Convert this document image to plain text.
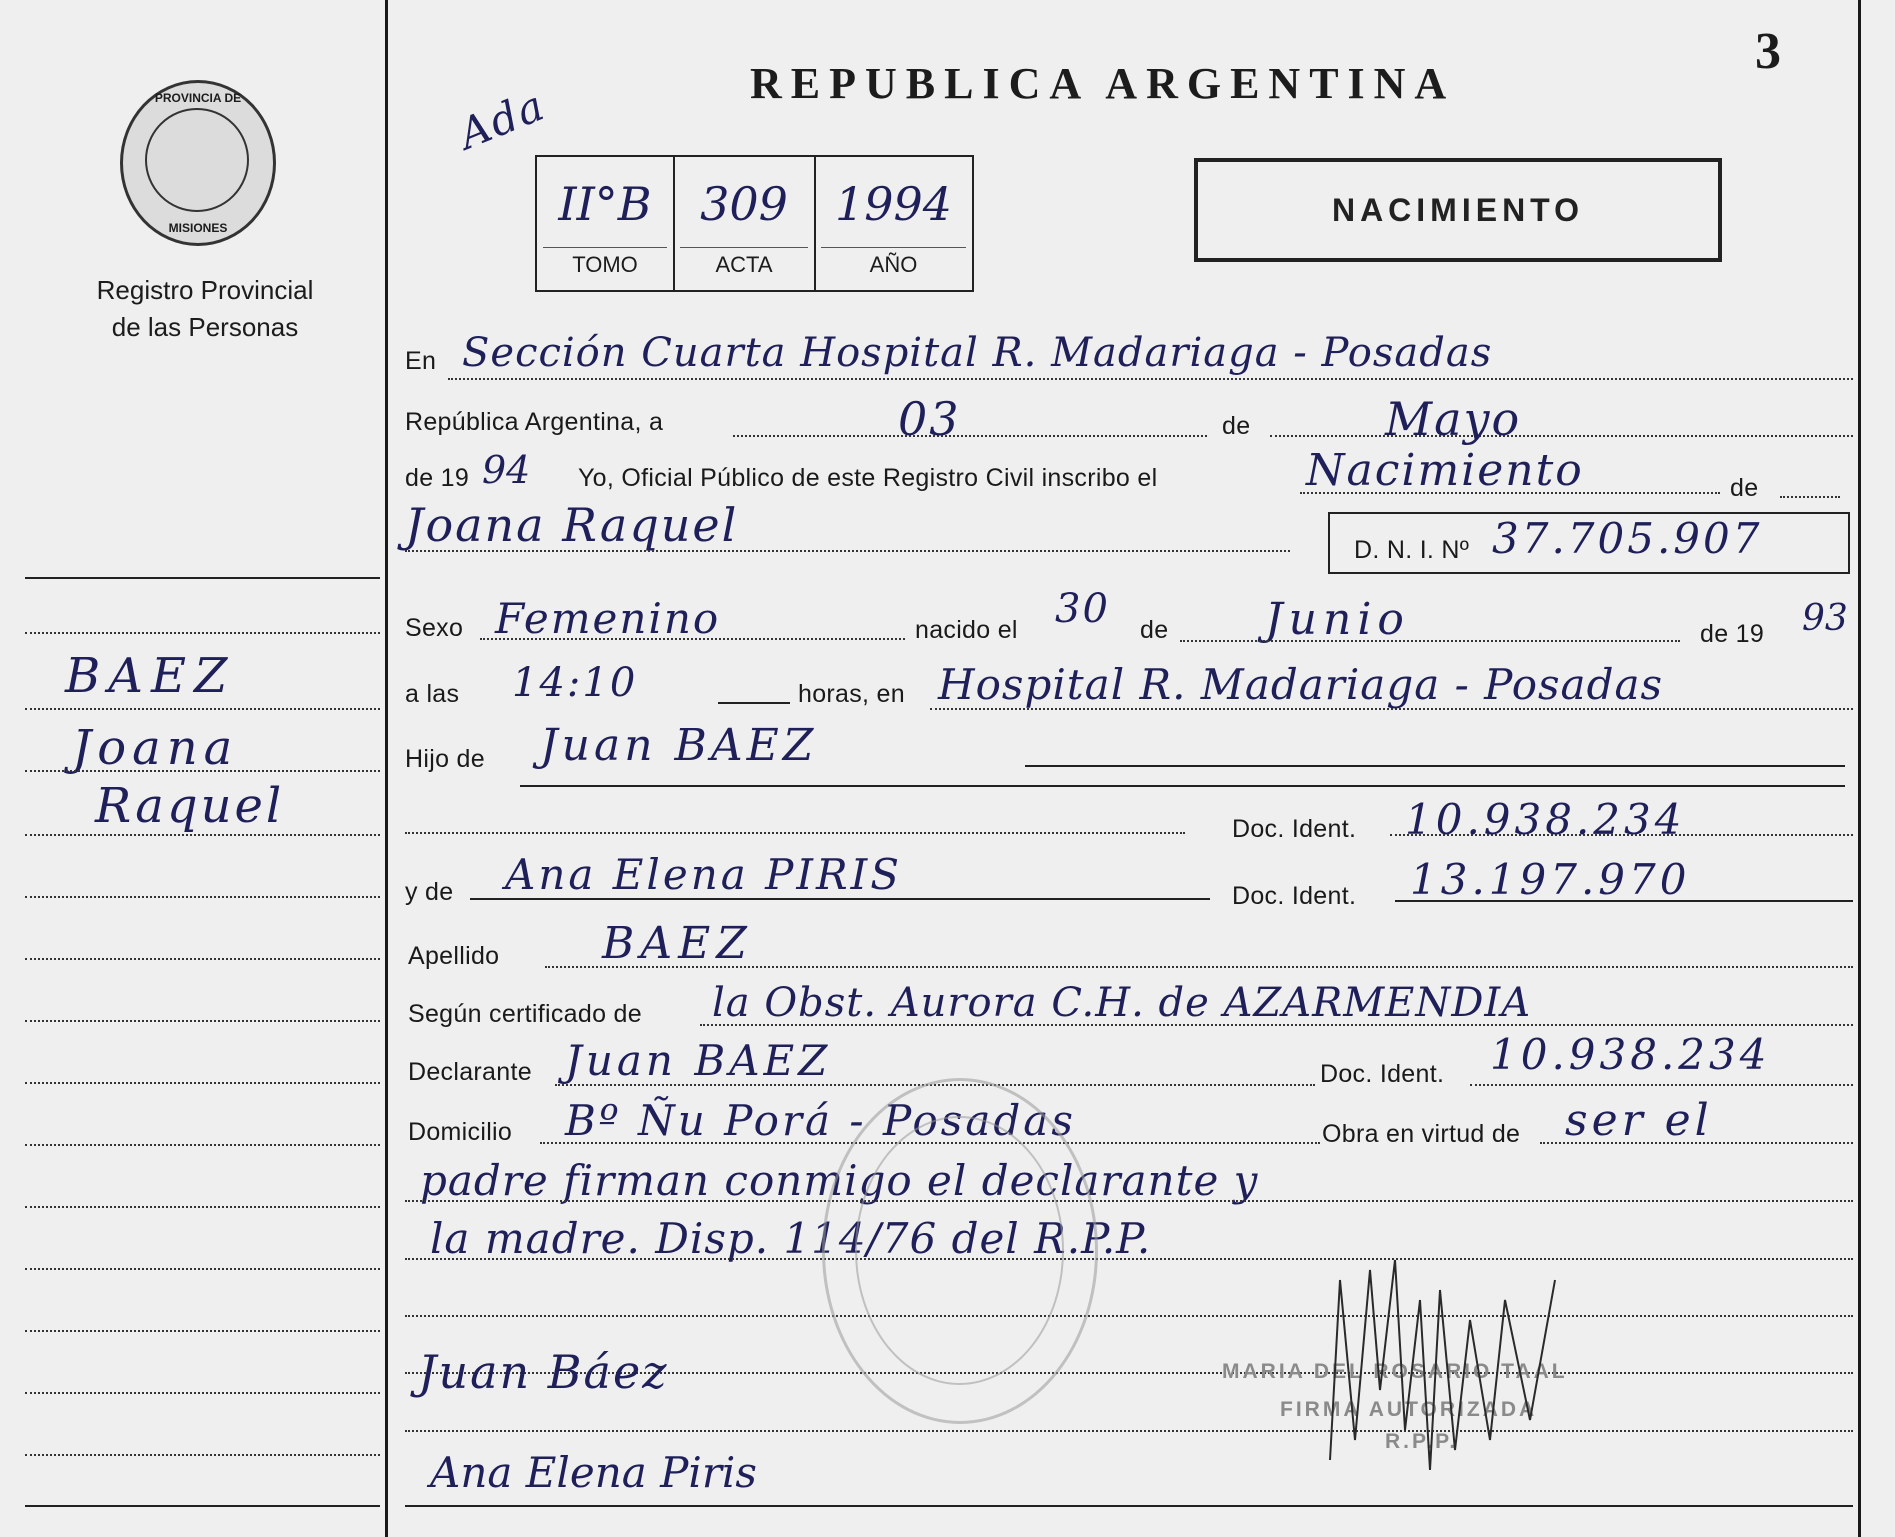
3
PROVINCIA DE
MISIONES
Registro Provincial
de las Personas
REPUBLICA ARGENTINA
Ada
II°B
TOMO
309
ACTA
1994
AÑO
NACIMIENTO
En Sección Cuarta Hospital R. Madariaga - Posadas
República Argentina, a	03	de	Mayo
de 19 94 Yo, Oficial Público de este Registro Civil inscribo el	Nacimiento	de
Joana Raquel	D. N. I. Nº 37.705.907
Sexo Femenino	nacido el 30 de Junio	de 19 93
a las 14:10	horas, en Hospital R. Madariaga - Posadas
Hijo de Juan BAEZ
Doc. Ident. 10.938.234
y de Ana Elena PIRIS	Doc. Ident. 13.197.970
Apellido BAEZ
Según certificado de la Obst. Aurora C.H. de AZARMENDIA
Declarante Juan BAEZ	Doc. Ident. 10.938.234
Domicilio Bº Ñu Porá - Posadas	Obra en virtud de ser el
padre firman conmigo el declarante y
la madre. Disp. 114/76 del R.P.P.
MARIA DEL ROSARIO TAAL
FIRMA AUTORIZADA
R.P.P.
Juan Báez
Ana Elena Piris
BAEZ
Joana
Raquel
